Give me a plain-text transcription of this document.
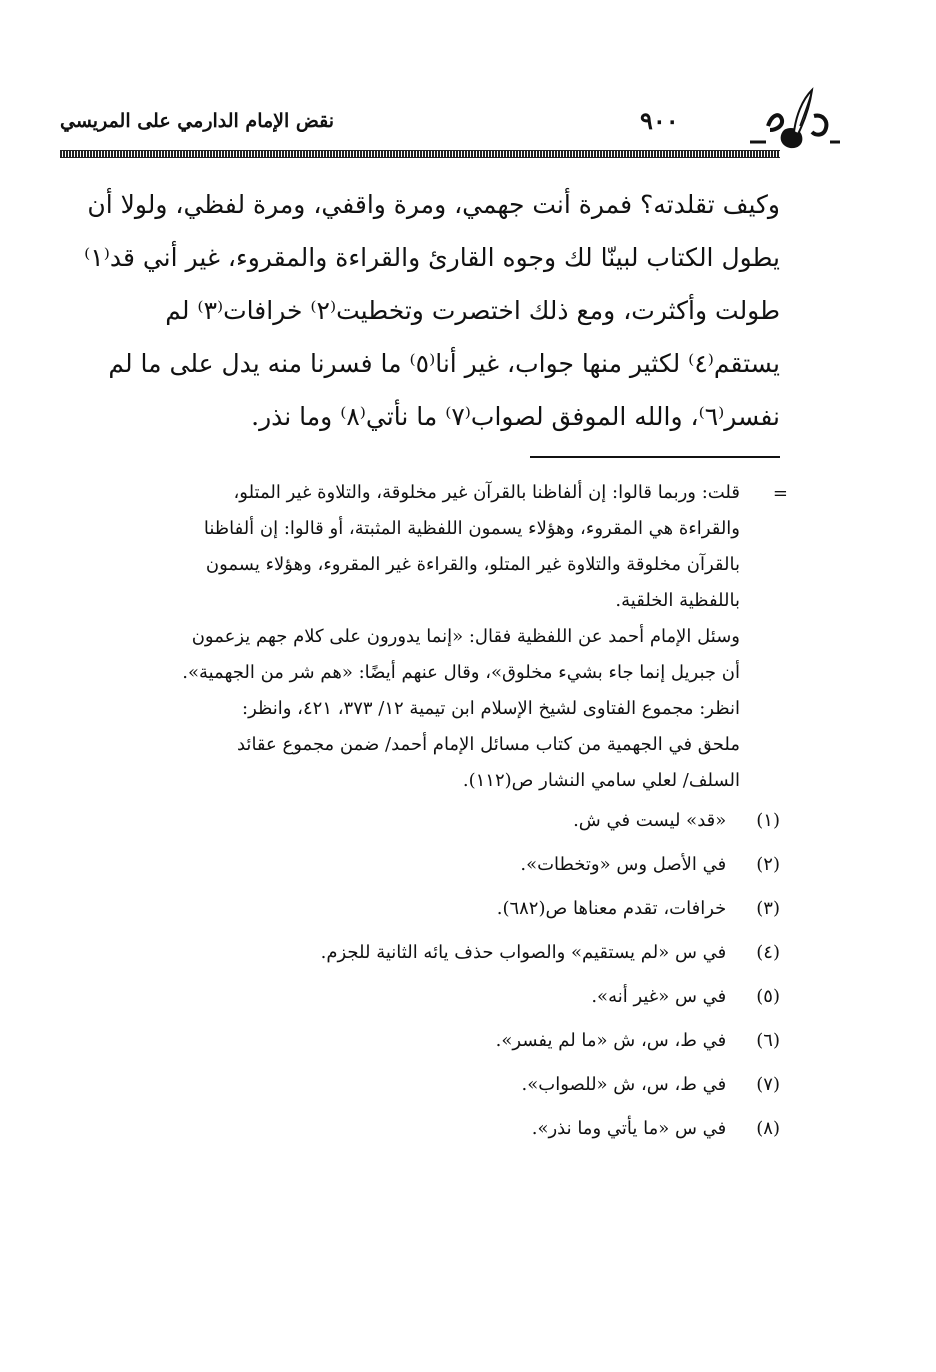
نقض الإمام الدارمي على المريسي	٩٠٠
وكيف تقلدته؟ فمرة أنت جهمي، ومرة واقفي، ومرة لفظي، ولولا أن
يطول الكتاب لبينّا لك وجوه القارئ والقراءة والمقروء، غير أني قد⁽١⁾
طولت وأكثرت، ومع ذلك اختصرت وتخطيت⁽٢⁾ خرافات⁽٣⁾ لم
يستقم⁽٤⁾ لكثير منها جواب، غير أنا⁽٥⁾ ما فسرنا منه يدل على ما لم
نفسر⁽٦⁾، والله الموفق لصواب⁽٧⁾ ما نأتي⁽٨⁾ وما نذر.
=
قلت: وربما قالوا: إن ألفاظنا بالقرآن غير مخلوقة، والتلاوة غير المتلو،
والقراءة هي المقروء، وهؤلاء يسمون اللفظية المثبتة، أو قالوا: إن ألفاظنا
بالقرآن مخلوقة والتلاوة غير المتلو، والقراءة غير المقروء، وهؤلاء يسمون
باللفظية الخلقية.
وسئل الإمام أحمد عن اللفظية فقال: «إنما يدورون على كلام جهم يزعمون
أن جبريل إنما جاء بشيء مخلوق»، وقال عنهم أيضًا: «هم شر من الجهمية».
انظر: مجموع الفتاوى لشيخ الإسلام ابن تيمية ١٢/ ٣٧٣، ٤٢١، وانظر:
ملحق في الجهمية من كتاب مسائل الإمام أحمد/ ضمن مجموع عقائد
السلف/ لعلي سامي النشار ص(١١٢).
(١) «قد» ليست في ش.
(٢) في الأصل وس «وتخطات».
(٣) خرافات، تقدم معناها ص(٦٨٢).
(٤) في س «لم يستقيم» والصواب حذف يائه الثانية للجزم.
(٥) في س «غير أنه».
(٦) في ط، س، ش «ما لم يفسر».
(٧) في ط، س، ش «للصواب».
(٨) في س «ما يأتي وما نذر».
